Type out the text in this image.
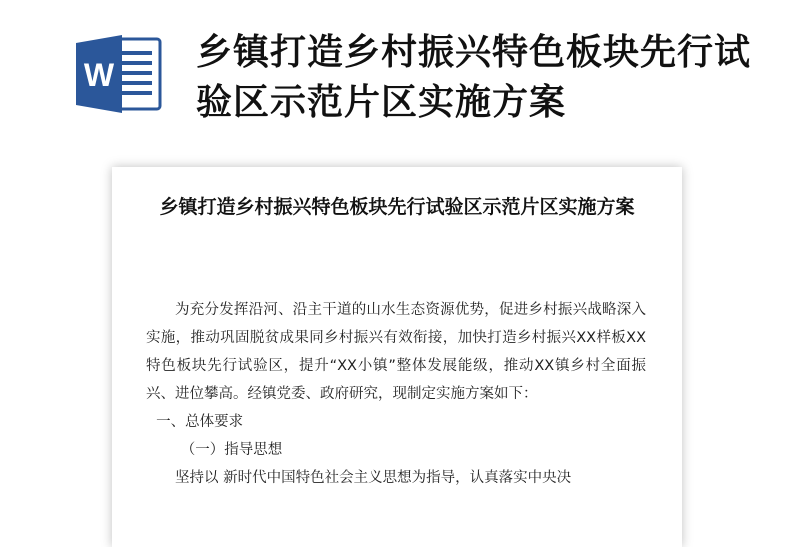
W
乡镇打造乡村振兴特色板块先行试验区示范片区实施方案
乡镇打造乡村振兴特色板块先行试验区示范片区实施方案

为充分发挥沿河、沿主干道的山水生态资源优势，促进乡村振兴战略深入实施，推动巩固脱贫成果同乡村振兴有效衔接，加快打造乡村振兴XX样板XX特色板块先行试验区，提升“XX小镇”整体发展能级，推动XX镇乡村全面振兴、进位攀高。经镇党委、政府研究，现制定实施方案如下：

一、总体要求

（一）指导思想

坚持以 新时代中国特色社会主义思想为指导，认真落实中央决
